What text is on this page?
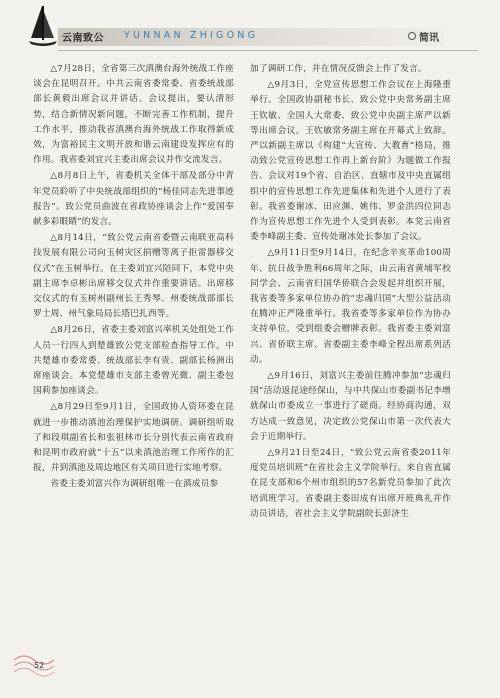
云南致公 YUNNAN ZHIGONG	简讯

△7月28日，全省第三次滇澳台海外统战工作座谈会在昆明召开。中共云南省委常委、省委统战部部长黄毅出席会议并讲话。会议提出，要认清形势，结合新情况新问题，不断完善工作机制，提升工作水平，推动我省滇澳台海外统战工作取得新成效，为富裕民主文明开放和谐云南建设发挥应有的作用。我省委刘宜兴主委出席会议并作交流发言。

△8月8日上午，省委机关全体干部及部分中青年党员聆听了中央统战部组织的“杨佳同志先进事迹报告”。致公党员曲波在省政协座谈会上作“爱国奉献多彩眼睛”的发言。

△8月14日，“致公党云南省委暨云南联亚高科技发展有限公司向玉树灾区捐赠等离子拒雷器移交仪式”在玉树举行。在主委刘宜兴陪同下，本党中央副主席李卓彬出席移交仪式并作重要讲话。出席移交仪式的有玉树州副州长王秀琴、州委统战部部长罗士周、州气象局局长塔巴扎西等。

△8月26日，省委主委刘富兴率机关处组处工作人员一行四人到楚雄致公党支部检查指导工作。中共楚雄市委常委、统战部长李有贵、副部长杨洲出席座谈会。本党楚雄市支部主委曾光微、副主委包国莉参加座谈会。

△8月29日至9月1日，全国政协人资环委在昆就进一步推动滇池治理保护实地调研。调研组听取了和段琪副省长和张祖林市长分别代表云南省政府和昆明市政府就“十五”以来滇池治理工作所作的汇报，并到滇池及周边地区有关项目进行实地考察。

省委主委刘富兴作为调研组唯一在滇成员参

加了调研工作，并在情况反馈会上作了发言。

△9月3日，全党宣传思想工作会议在上海隆重举行。全国政协副秘书长、致公党中央常务副主席王钦敏、全国人大常委、致公党中央副主席严以新等出席会议。王钦敏常务副主席在开幕式上致辞。严以新副主席以《构建“大宣传、大教育”格局，推动致公党宣传思想工作再上新台阶》为题做工作报告。会议对19个省、自治区、直辖市及中央直属组织中的宣传思想工作先进集体和先进个人进行了表彰。我省委谢冰、田应渊、姚伟、罗金洪四位同志作为宣传思想工作先进个人受到表彰。本党云南省委李峰副主委、宣传处谢冰处长参加了会议。

△9月11日至9月14日，在纪念辛亥革命100周年、抗日战争胜利66周年之际，由云南省黄埔军校同学会、云南省归国华侨联合会发起并组织开展，我省委等多家单位协办的“忠魂归国”大型公益活动在腾冲正严隆重举行。我省委等多家单位作为协办支持单位，受到组委会赠牌表彰。我省委主委刘富兴、省侨联主席、省委副主委李峰全程出席系列活动。

△9月16日，刘富兴主委前往腾冲参加“忠魂归国”活动返昆途经保山，与中共保山市委副书记李增就保山市委成立一事进行了磋商。经协商沟通，双方达成一致意见，决定致公党保山市第一次代表大会于近期举行。

△9月21日至24日，“致公党云南省委2011年度党员培训班”在省社会主义学院举行。来自省直属在昆支部和6个州市组织的57名新党员参加了此次培训班学习。省委副主委田成有出席开班典礼并作动员讲话，省社会主义学院副院长彭济生

52
